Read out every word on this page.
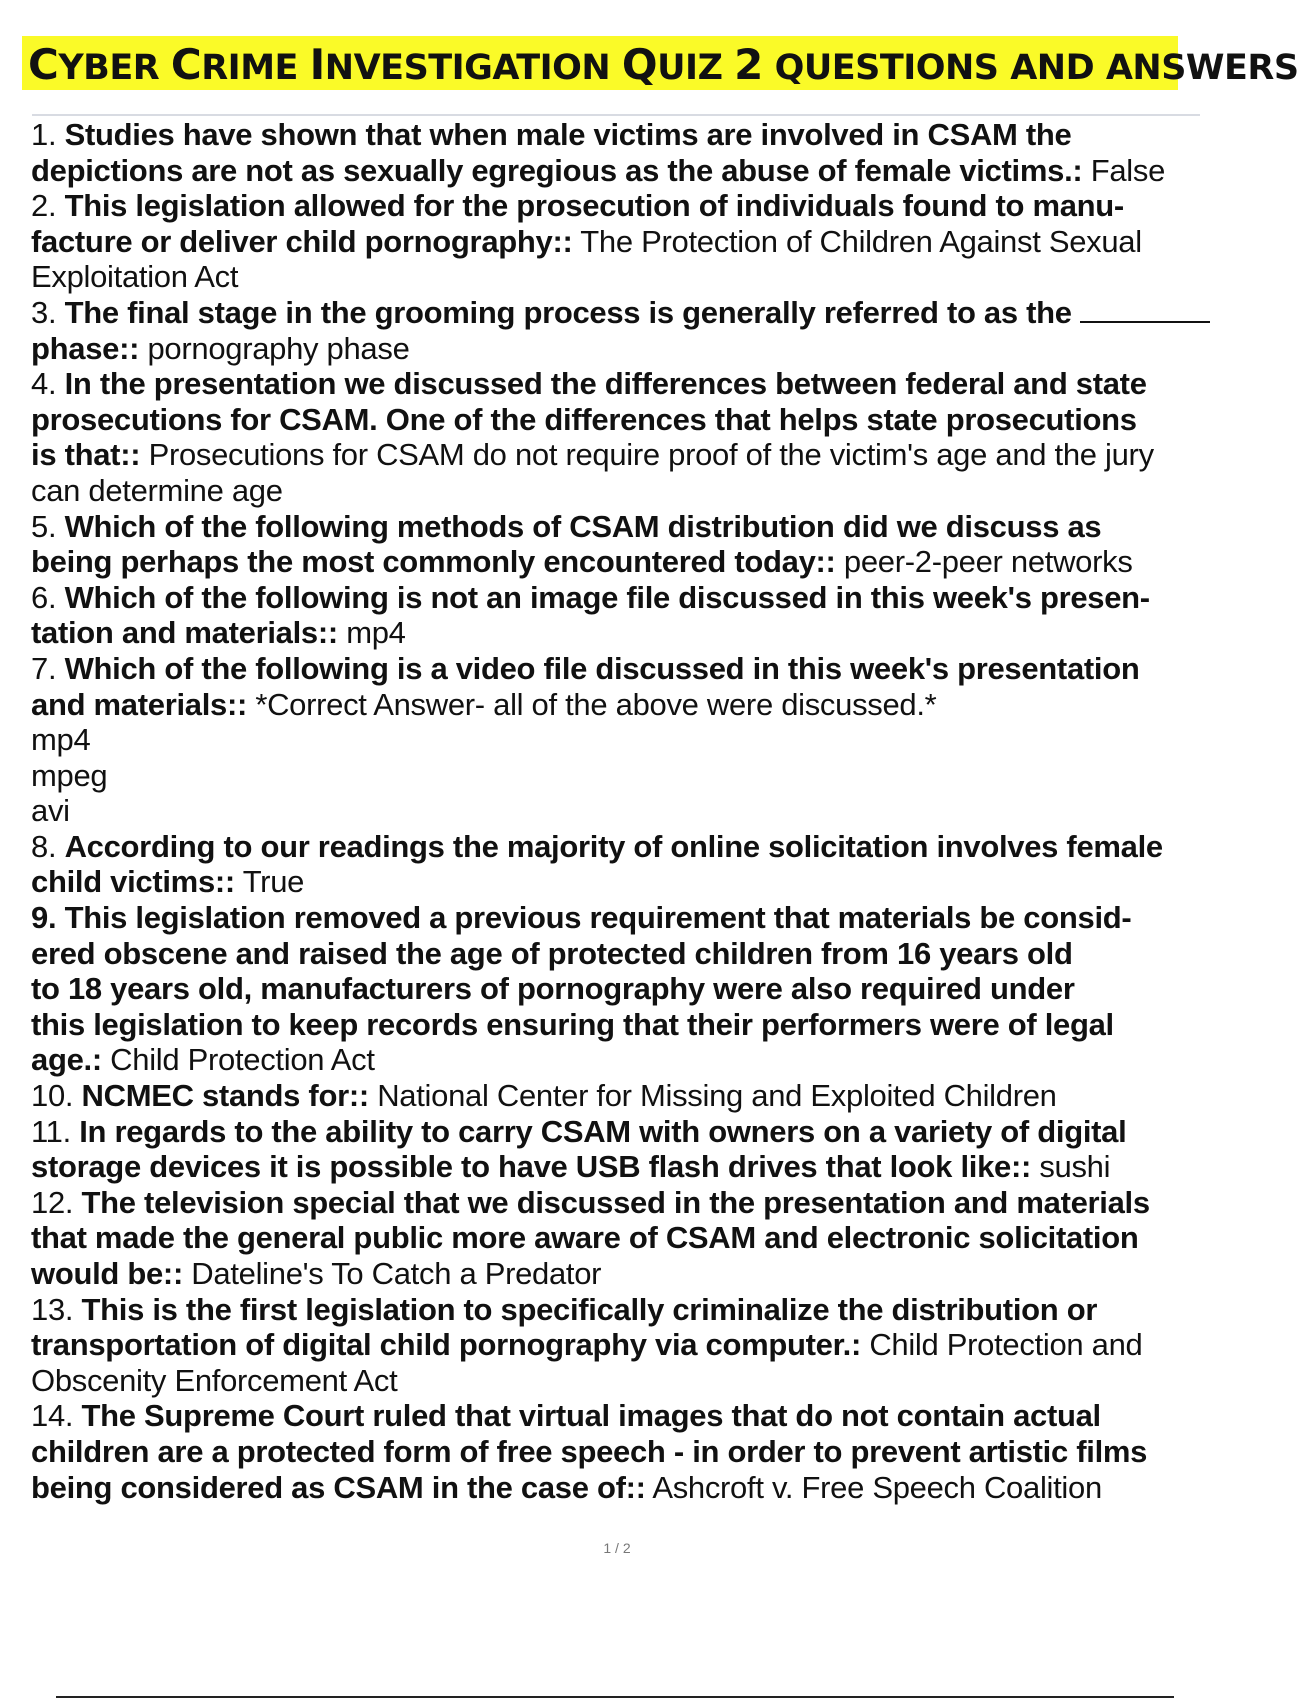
CYBER CRIME INVESTIGATION QUIZ 2 QUESTIONS AND ANSWERS
1. Studies have shown that when male victims are involved in CSAM the
depictions are not as sexually egregious as the abuse of female victims.: False
2. This legislation allowed for the prosecution of individuals found to manu-
facture or deliver child pornography:: The Protection of Children Against Sexual
Exploitation Act
3. The final stage in the grooming process is generally referred to as the
phase:: pornography phase
4. In the presentation we discussed the differences between federal and state
prosecutions for CSAM. One of the differences that helps state prosecutions
is that:: Prosecutions for CSAM do not require proof of the victim's age and the jury
can determine age
5. Which of the following methods of CSAM distribution did we discuss as
being perhaps the most commonly encountered today:: peer-2-peer networks
6. Which of the following is not an image file discussed in this week's presen-
tation and materials:: mp4
7. Which of the following is a video file discussed in this week's presentation
and materials:: *Correct Answer- all of the above were discussed.*
mp4
mpeg
avi
8. According to our readings the majority of online solicitation involves female
child victims:: True
9. This legislation removed a previous requirement that materials be consid-
ered obscene and raised the age of protected children from 16 years old
to 18 years old, manufacturers of pornography were also required under
this legislation to keep records ensuring that their performers were of legal
age.: Child Protection Act
10. NCMEC stands for:: National Center for Missing and Exploited Children
11. In regards to the ability to carry CSAM with owners on a variety of digital
storage devices it is possible to have USB flash drives that look like:: sushi
12. The television special that we discussed in the presentation and materials
that made the general public more aware of CSAM and electronic solicitation
would be:: Dateline's To Catch a Predator
13. This is the first legislation to specifically criminalize the distribution or
transportation of digital child pornography via computer.: Child Protection and
Obscenity Enforcement Act
14. The Supreme Court ruled that virtual images that do not contain actual
children are a protected form of free speech - in order to prevent artistic films
being considered as CSAM in the case of:: Ashcroft v. Free Speech Coalition
1 / 2
